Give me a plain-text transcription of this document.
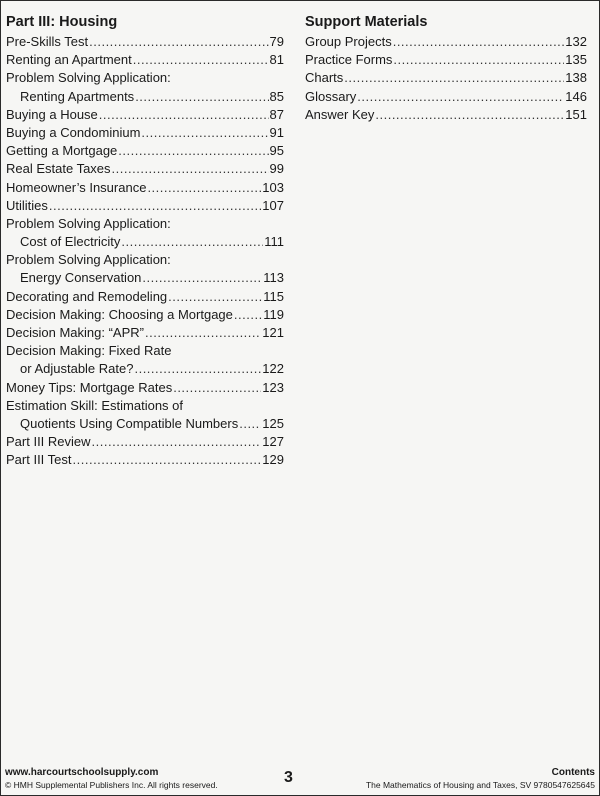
Part III: Housing
Pre-Skills Test .....	79
Renting an Apartment .....	81
Problem Solving Application:
Renting Apartments .....	85
Buying a House .....	87
Buying a Condominium .....	91
Getting a Mortgage .....	95
Real Estate Taxes .....	99
Homeowner’s Insurance .....	103
Utilities .....	107
Problem Solving Application:
Cost of Electricity .....	111
Problem Solving Application:
Energy Conservation .....	113
Decorating and Remodeling .....	115
Decision Making: Choosing a Mortgage ..... 119
Decision Making: “APR” .....	121
Decision Making: Fixed Rate
or Adjustable Rate? .....	122
Money Tips: Mortgage Rates .....	123
Estimation Skill: Estimations of
Quotients Using Compatible Numbers ..... 125
Part III Review .....	127
Part III Test .....	129
Support Materials
Group Projects .....	132
Practice Forms .....	135
Charts .....	138
Glossary .....	146
Answer Key .....	151
www.harcourtschoolsupply.com
© HMH Supplemental Publishers Inc. All rights reserved.
Contents
The Mathematics of Housing and Taxes, SV 9780547625645
3
